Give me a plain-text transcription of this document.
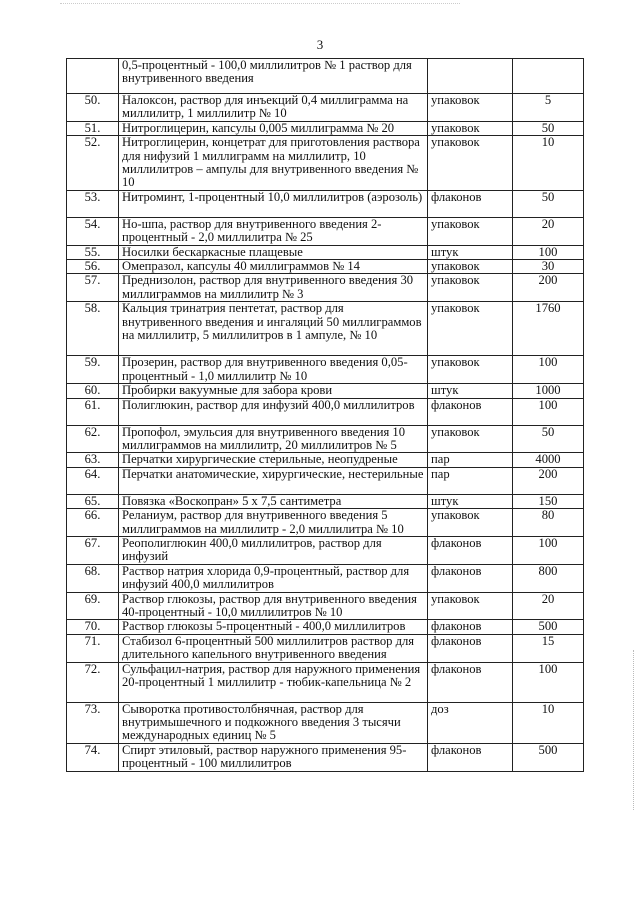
3
	0,5-процентный - 100,0 миллилитров № 1 раствор для внутривенного введения		
50.	Налоксон, раствор для инъекций 0,4 миллиграмма на миллилитр, 1 миллилитр № 10	упаковок	5
51.	Нитроглицерин, капсулы 0,005 миллиграмма № 20	упаковок	50
52.	Нитроглицерин, концетрат для приготовления раствора для нифузий 1 миллиграмм на миллилитр, 10 миллилитров – ампулы для внутривенного введения № 10	упаковок	10
53.	Нитроминт, 1-процентный 10,0 миллилитров (аэрозоль)	флаконов	50
54.	Но-шпа, раствор для внутривенного введения 2-процентный - 2,0 миллилитра № 25	упаковок	20
55.	Носилки бескаркасные плащевые	штук	100
56.	Омепразол, капсулы 40 миллиграммов № 14	упаковок	30
57.	Преднизолон, раствор для внутривенного введения 30 миллиграммов на миллилитр № 3	упаковок	200
58.	Кальция тринатрия пентетат, раствор для внутривенного введения и ингаляций 50 миллиграммов на миллилитр, 5 миллилитров в 1 ампуле, № 10	упаковок	1760
59.	Прозерин, раствор для внутривенного введения 0,05-процентный - 1,0 миллилитр № 10	упаковок	100
60.	Пробирки вакуумные для забора крови	штук	1000
61.	Полиглюкин, раствор для инфузий 400,0 миллилитров	флаконов	100
62.	Пропофол, эмульсия для внутривенного введения 10 миллиграммов на миллилитр, 20 миллилитров № 5	упаковок	50
63.	Перчатки хирургические стерильные, неопудреные	пар	4000
64.	Перчатки анатомические, хирургические, нестерильные	пар	200
65.	Повязка «Воскопран» 5 х 7,5 сантиметра	штук	150
66.	Реланиум, раствор для внутривенного введения 5 миллиграммов на миллилитр - 2,0 миллилитра № 10	упаковок	80
67.	Реополиглюкин 400,0 миллилитров, раствор для инфузий	флаконов	100
68.	Раствор натрия хлорида 0,9-процентный, раствор для инфузий 400,0 миллилитров	флаконов	800
69.	Раствор глюкозы, раствор для внутривенного введения 40-процентный - 10,0 миллилитров № 10	упаковок	20
70.	Раствор глюкозы 5-процентный - 400,0 миллилитров	флаконов	500
71.	Стабизол 6-процентный 500 миллилитров раствор для длительного капельного внутривенного введения	флаконов	15
72.	Сульфацил-натрия, раствор для наружного применения 20-процентный 1 миллилитр - тюбик-капельница № 2	флаконов	100
73.	Сыворотка противостолбнячная, раствор для внутримышечного и подкожного введения 3 тысячи международных единиц № 5	доз	10
74.	Спирт этиловый, раствор наружного применения 95-процентный - 100 миллилитров	флаконов	500
